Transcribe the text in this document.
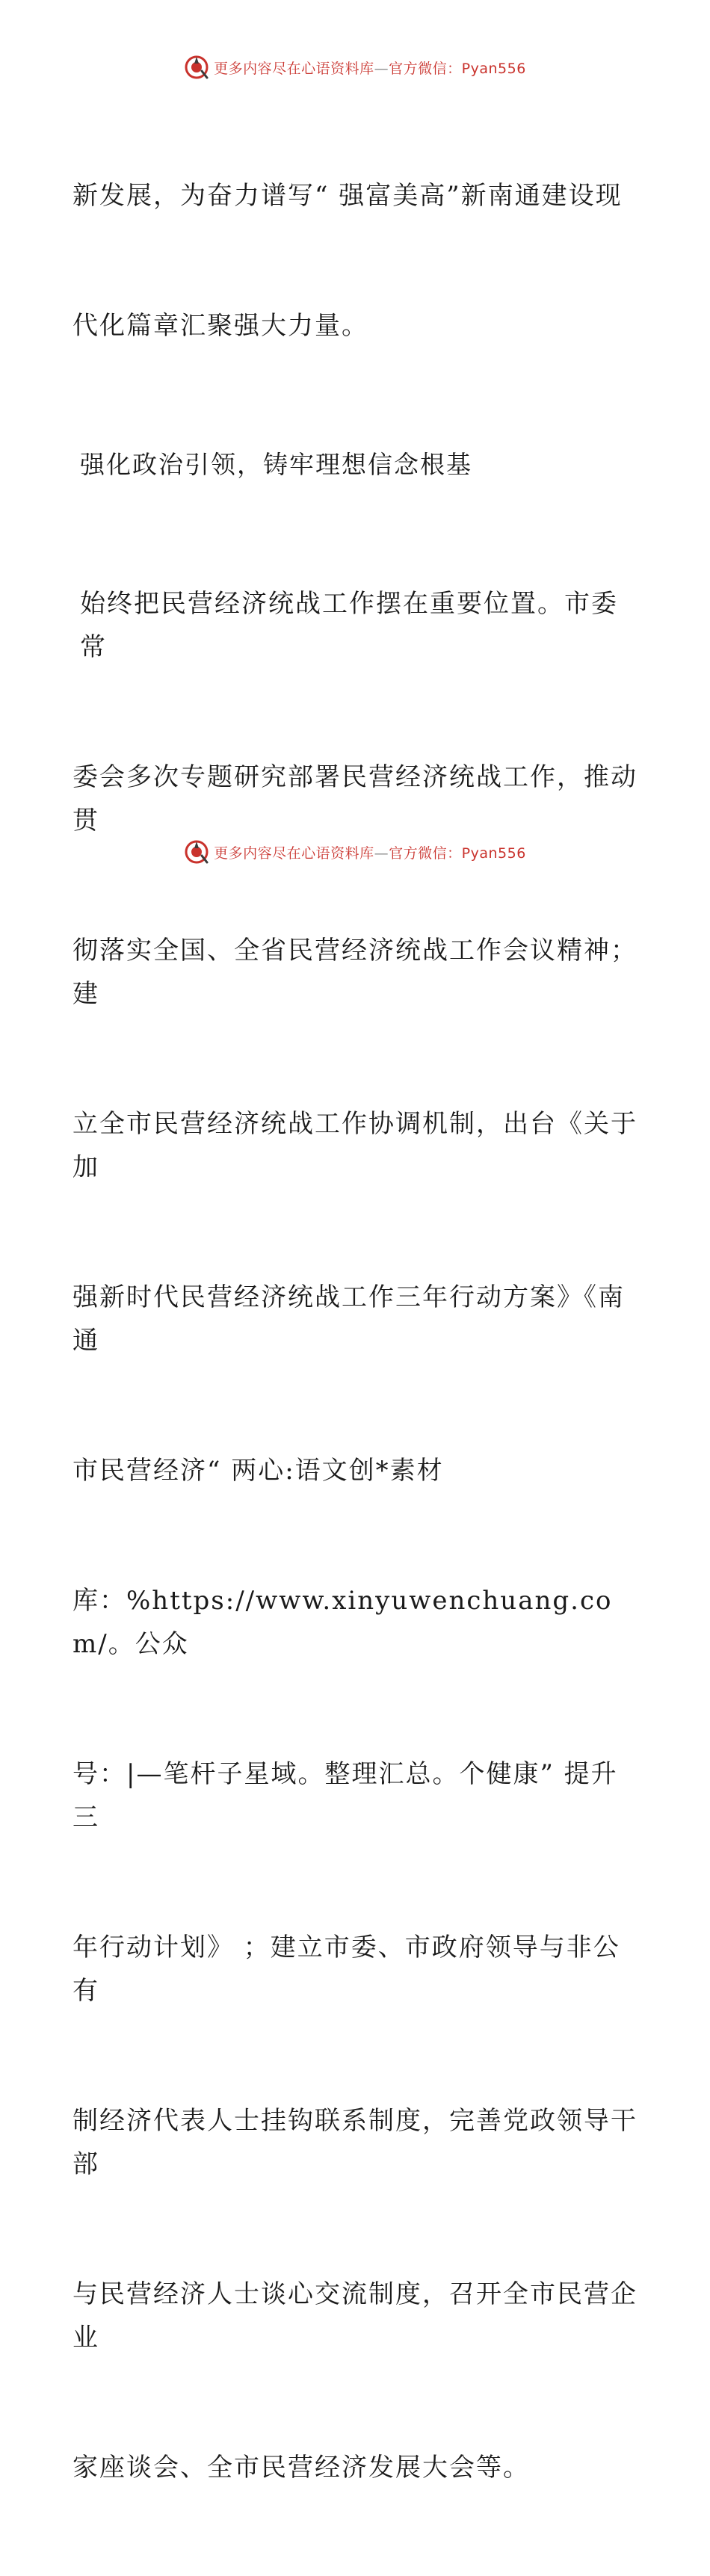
更多内容尽在心语资料库—官方微信：Pyan556

新发展，为奋力谱写“ 强富美高”新南通建设现

代化篇章汇聚强大力量。

强化政治引领，铸牢理想信念根基

始终把民营经济统战工作摆在重要位置。市委常

委会多次专题研究部署民营经济统战工作，推动贯

彻落实全国、全省民营经济统战工作会议精神；建

立全市民营经济统战工作协调机制，出台《关于加

强新时代民营经济统战工作三年行动方案》《南通

市民营经济“ 两心:语文创*素材

库：%https://www.xinyuwenchuang.com/。公众

号：|—笔杆子星域。整理汇总。个健康” 提升三

年行动计划》 ；建立市委、市政府领导与非公有

制经济代表人士挂钩联系制度，完善党政领导干部

与民营经济人士谈心交流制度，召开全市民营企业

家座谈会、全市民营经济发展大会等。

更多内容尽在心语资料库—官方微信：Pyan556
